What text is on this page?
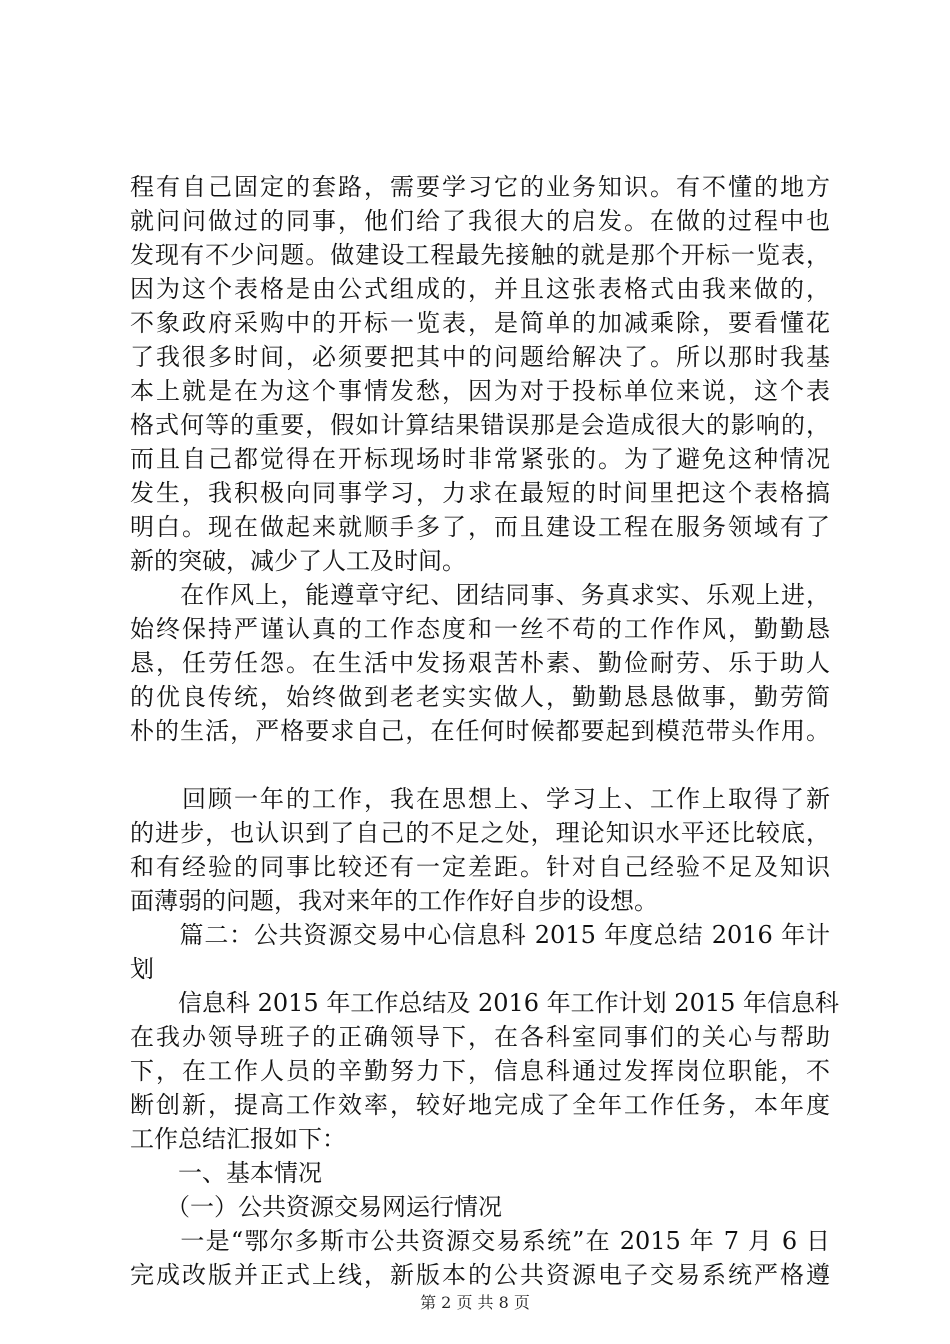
程有自己固定的套路，需要学习它的业务知识。有不懂的地方
就问问做过的同事，他们给了我很大的启发。在做的过程中也
发现有不少问题。做建设工程最先接触的就是那个开标一览表，
因为这个表格是由公式组成的，并且这张表格式由我来做的，
不象政府采购中的开标一览表，是简单的加减乘除，要看懂花
了我很多时间，必须要把其中的问题给解决了。所以那时我基
本上就是在为这个事情发愁，因为对于投标单位来说，这个表
格式何等的重要，假如计算结果错误那是会造成很大的影响的，
而且自己都觉得在开标现场时非常紧张的。为了避免这种情况
发生，我积极向同事学习，力求在最短的时间里把这个表格搞
明白。现在做起来就顺手多了，而且建设工程在服务领域有了
新的突破，减少了人工及时间。
　　在作风上，能遵章守纪、团结同事、务真求实、乐观上进，
始终保持严谨认真的工作态度和一丝不苟的工作作风，勤勤恳
恳，任劳任怨。在生活中发扬艰苦朴素、勤俭耐劳、乐于助人
的优良传统，始终做到老老实实做人，勤勤恳恳做事，勤劳简
朴的生活，严格要求自己，在任何时候都要起到模范带头作用。
　　回顾一年的工作，我在思想上、学习上、工作上取得了新
的进步，也认识到了自己的不足之处，理论知识水平还比较底，
和有经验的同事比较还有一定差距。针对自己经验不足及知识
面薄弱的问题，我对来年的工作作好自步的设想。
　　篇二：公共资源交易中心信息科 2015 年度总结 2016 年计
划
　　信息科 2015 年工作总结及 2016 年工作计划 2015 年信息科
在我办领导班子的正确领导下，在各科室同事们的关心与帮助
下，在工作人员的辛勤努力下，信息科通过发挥岗位职能，不
断创新，提高工作效率，较好地完成了全年工作任务，本年度
工作总结汇报如下：
　　一、基本情况
　　（一）公共资源交易网运行情况
　　一是“鄂尔多斯市公共资源交易系统”在 2015 年 7 月 6 日
完成改版并正式上线，新版本的公共资源电子交易系统严格遵
第 2 页 共 8 页
